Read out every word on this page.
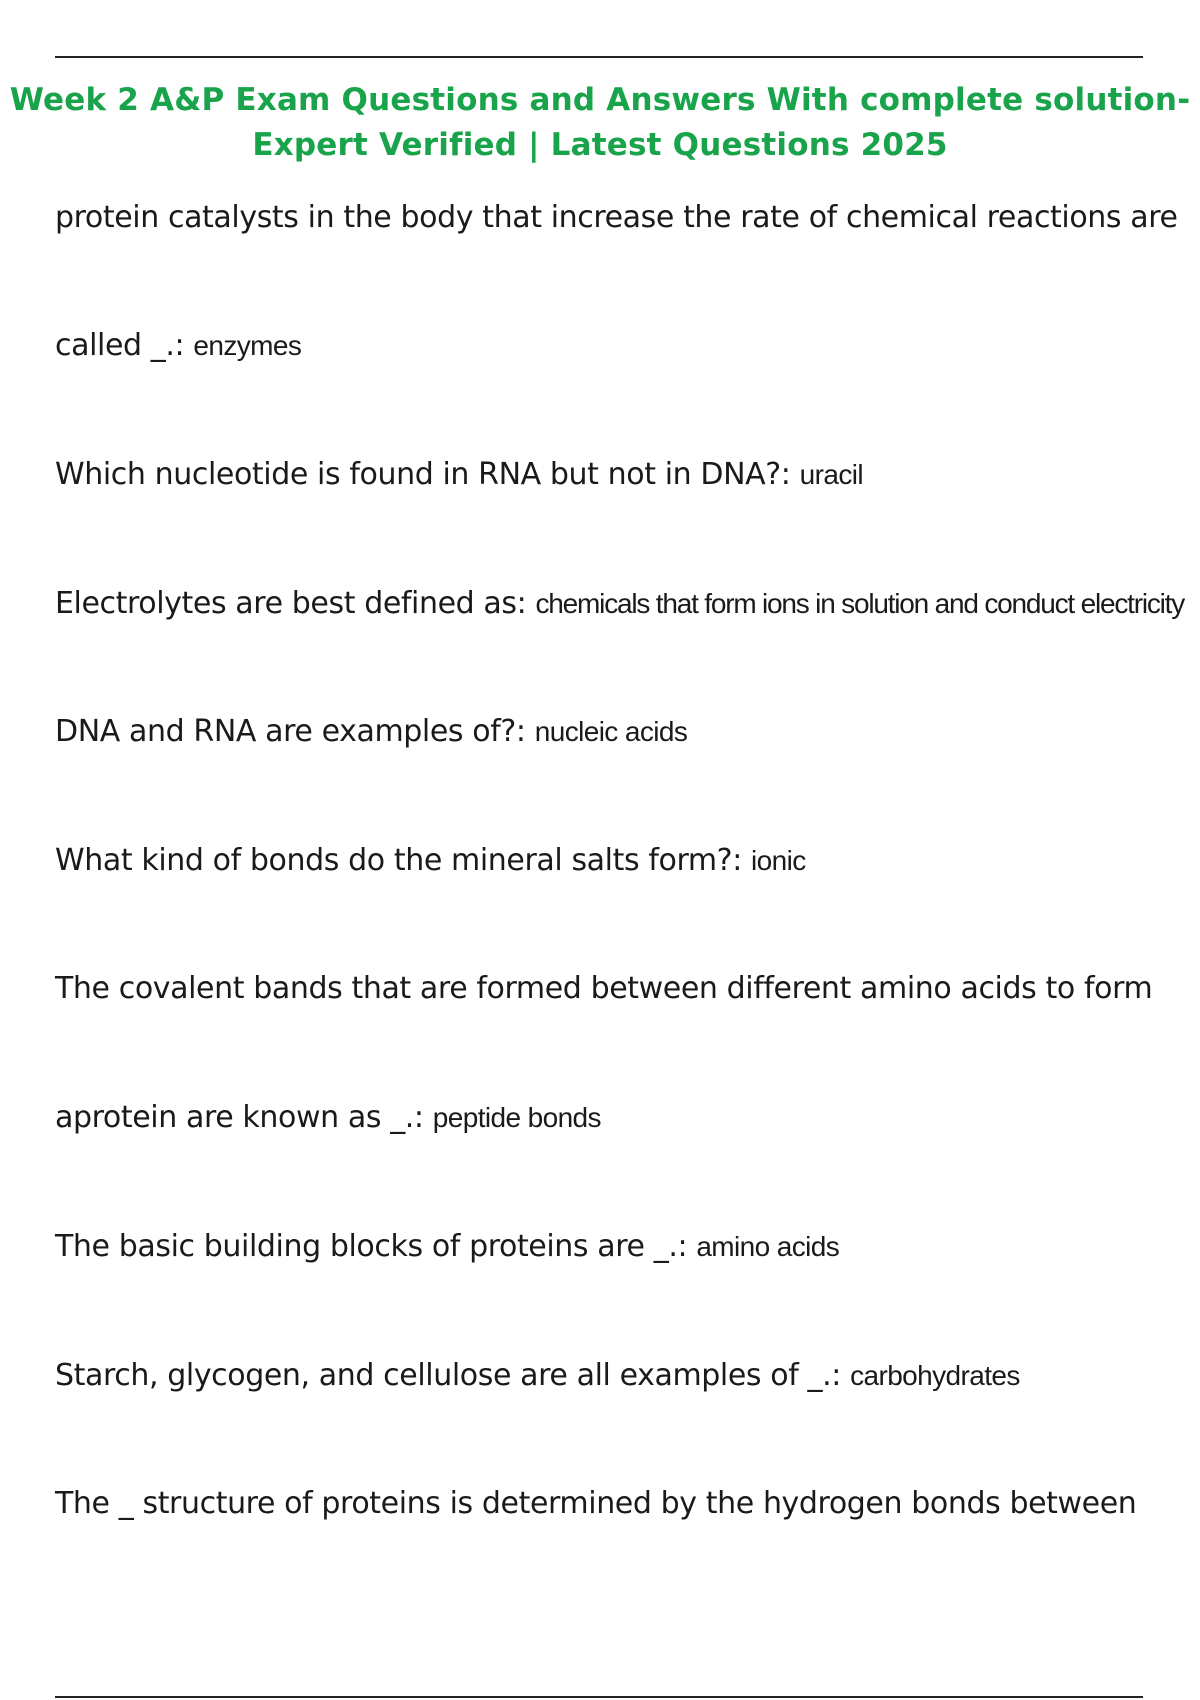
Week 2 A&P Exam Questions and Answers With complete solution-
Expert Verified | Latest Questions 2025
protein catalysts in the body that increase the rate of chemical reactions are
called _.: enzymes
Which nucleotide is found in RNA but not in DNA?: uracil
Electrolytes are best defined as: chemicals that form ions in solution and conduct electricity
DNA and RNA are examples of?: nucleic acids
What kind of bonds do the mineral salts form?: ionic
The covalent bands that are formed between different amino acids to form
aprotein are known as _.: peptide bonds
The basic building blocks of proteins are _.: amino acids
Starch, glycogen, and cellulose are all examples of _.: carbohydrates
The _ structure of proteins is determined by the hydrogen bonds between
